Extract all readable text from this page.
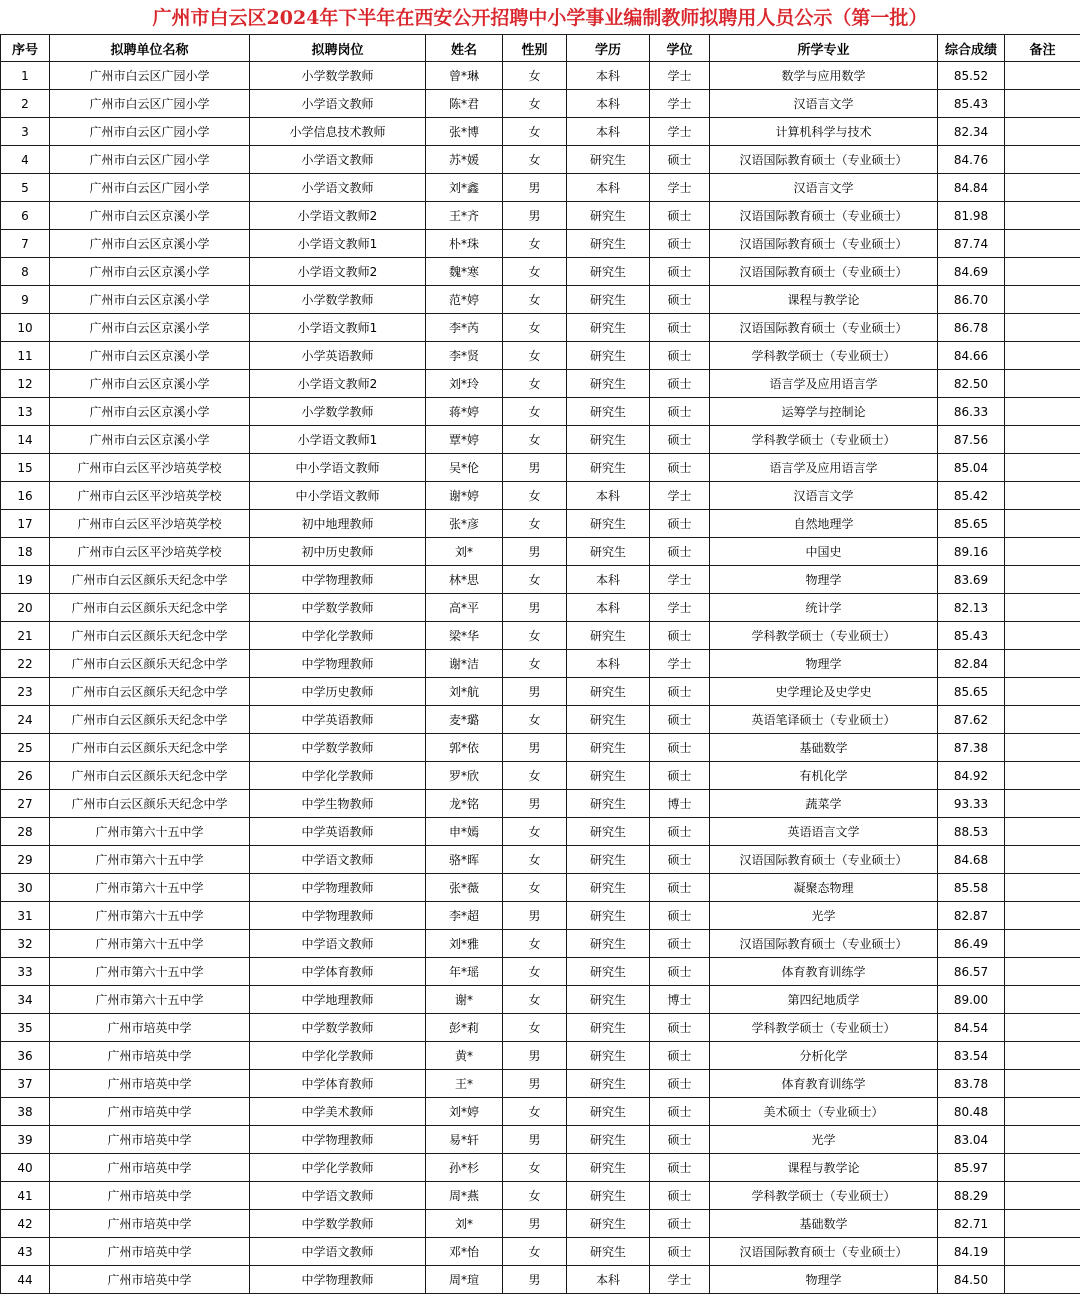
广州市白云区2024年下半年在西安公开招聘中小学事业编制教师拟聘用人员公示（第一批）
序号	拟聘单位名称	拟聘岗位	姓名	性别	学历	学位	所学专业	综合成绩	备注
1	广州市白云区广园小学	小学数学教师	曾*琳	女	本科	学士	数学与应用数学	85.52	
2	广州市白云区广园小学	小学语文教师	陈*君	女	本科	学士	汉语言文学	85.43	
3	广州市白云区广园小学	小学信息技术教师	张*博	女	本科	学士	计算机科学与技术	82.34	
4	广州市白云区广园小学	小学语文教师	苏*媛	女	研究生	硕士	汉语国际教育硕士（专业硕士）	84.76	
5	广州市白云区广园小学	小学语文教师	刘*鑫	男	本科	学士	汉语言文学	84.84	
6	广州市白云区京溪小学	小学语文教师2	王*齐	男	研究生	硕士	汉语国际教育硕士（专业硕士）	81.98	
7	广州市白云区京溪小学	小学语文教师1	朴*珠	女	研究生	硕士	汉语国际教育硕士（专业硕士）	87.74	
8	广州市白云区京溪小学	小学语文教师2	魏*寒	女	研究生	硕士	汉语国际教育硕士（专业硕士）	84.69	
9	广州市白云区京溪小学	小学数学教师	范*婷	女	研究生	硕士	课程与教学论	86.70	
10	广州市白云区京溪小学	小学语文教师1	李*芮	女	研究生	硕士	汉语国际教育硕士（专业硕士）	86.78	
11	广州市白云区京溪小学	小学英语教师	李*贤	女	研究生	硕士	学科教学硕士（专业硕士）	84.66	
12	广州市白云区京溪小学	小学语文教师2	刘*玲	女	研究生	硕士	语言学及应用语言学	82.50	
13	广州市白云区京溪小学	小学数学教师	蒋*婷	女	研究生	硕士	运筹学与控制论	86.33	
14	广州市白云区京溪小学	小学语文教师1	覃*婷	女	研究生	硕士	学科教学硕士（专业硕士）	87.56	
15	广州市白云区平沙培英学校	中小学语文教师	吴*伦	男	研究生	硕士	语言学及应用语言学	85.04	
16	广州市白云区平沙培英学校	中小学语文教师	谢*婷	女	本科	学士	汉语言文学	85.42	
17	广州市白云区平沙培英学校	初中地理教师	张*彦	女	研究生	硕士	自然地理学	85.65	
18	广州市白云区平沙培英学校	初中历史教师	刘*	男	研究生	硕士	中国史	89.16	
19	广州市白云区颜乐天纪念中学	中学物理教师	林*思	女	本科	学士	物理学	83.69	
20	广州市白云区颜乐天纪念中学	中学数学教师	高*平	男	本科	学士	统计学	82.13	
21	广州市白云区颜乐天纪念中学	中学化学教师	梁*华	女	研究生	硕士	学科教学硕士（专业硕士）	85.43	
22	广州市白云区颜乐天纪念中学	中学物理教师	谢*洁	女	本科	学士	物理学	82.84	
23	广州市白云区颜乐天纪念中学	中学历史教师	刘*航	男	研究生	硕士	史学理论及史学史	85.65	
24	广州市白云区颜乐天纪念中学	中学英语教师	麦*璐	女	研究生	硕士	英语笔译硕士（专业硕士）	87.62	
25	广州市白云区颜乐天纪念中学	中学数学教师	郭*依	男	研究生	硕士	基础数学	87.38	
26	广州市白云区颜乐天纪念中学	中学化学教师	罗*欣	女	研究生	硕士	有机化学	84.92	
27	广州市白云区颜乐天纪念中学	中学生物教师	龙*铭	男	研究生	博士	蔬菜学	93.33	
28	广州市第六十五中学	中学英语教师	申*嫣	女	研究生	硕士	英语语言文学	88.53	
29	广州市第六十五中学	中学语文教师	骆*晖	女	研究生	硕士	汉语国际教育硕士（专业硕士）	84.68	
30	广州市第六十五中学	中学物理教师	张*薇	女	研究生	硕士	凝聚态物理	85.58	
31	广州市第六十五中学	中学物理教师	李*超	男	研究生	硕士	光学	82.87	
32	广州市第六十五中学	中学语文教师	刘*雅	女	研究生	硕士	汉语国际教育硕士（专业硕士）	86.49	
33	广州市第六十五中学	中学体育教师	年*瑶	女	研究生	硕士	体育教育训练学	86.57	
34	广州市第六十五中学	中学地理教师	谢*	女	研究生	博士	第四纪地质学	89.00	
35	广州市培英中学	中学数学教师	彭*莉	女	研究生	硕士	学科教学硕士（专业硕士）	84.54	
36	广州市培英中学	中学化学教师	黄*	男	研究生	硕士	分析化学	83.54	
37	广州市培英中学	中学体育教师	王*	男	研究生	硕士	体育教育训练学	83.78	
38	广州市培英中学	中学美术教师	刘*婷	女	研究生	硕士	美术硕士（专业硕士）	80.48	
39	广州市培英中学	中学物理教师	易*轩	男	研究生	硕士	光学	83.04	
40	广州市培英中学	中学化学教师	孙*杉	女	研究生	硕士	课程与教学论	85.97	
41	广州市培英中学	中学语文教师	周*燕	女	研究生	硕士	学科教学硕士（专业硕士）	88.29	
42	广州市培英中学	中学数学教师	刘*	男	研究生	硕士	基础数学	82.71	
43	广州市培英中学	中学语文教师	邓*怡	女	研究生	硕士	汉语国际教育硕士（专业硕士）	84.19	
44	广州市培英中学	中学物理教师	周*瑄	男	本科	学士	物理学	84.50	
